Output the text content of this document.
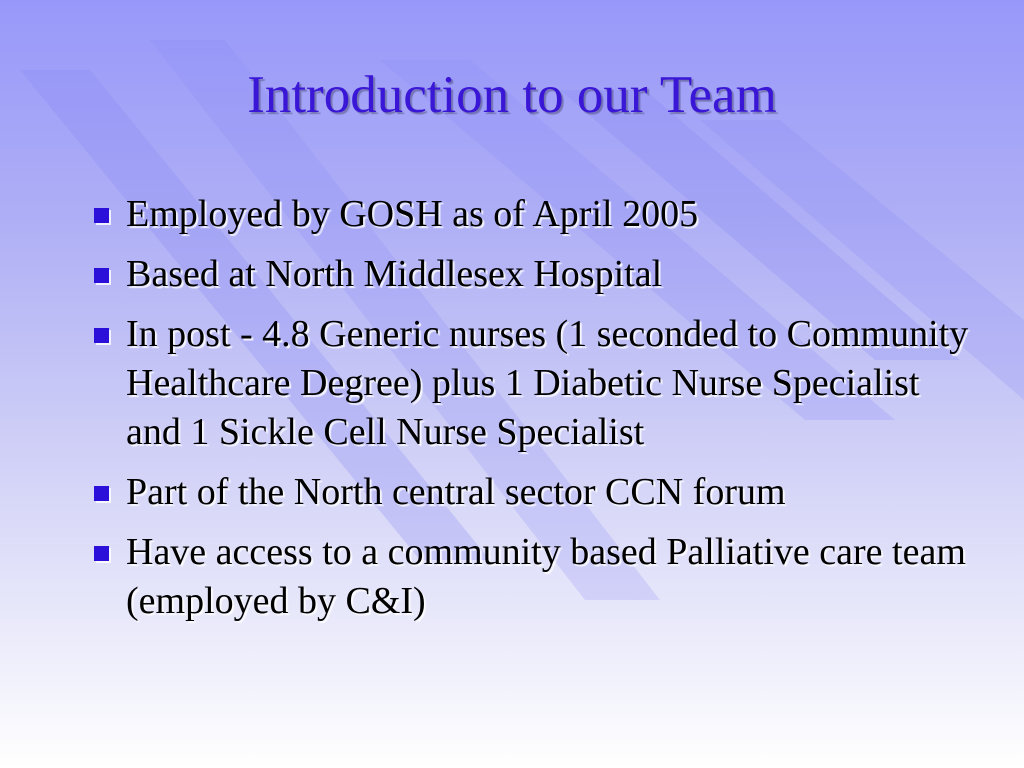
Introduction to our Team
Employed by GOSH as of April 2005
Based at North Middlesex Hospital
In post - 4.8 Generic nurses (1 seconded to Community Healthcare Degree) plus 1 Diabetic Nurse Specialist and 1 Sickle Cell Nurse Specialist
Part of the North central sector CCN forum
Have access to a community based Palliative care team (employed by C&I)
